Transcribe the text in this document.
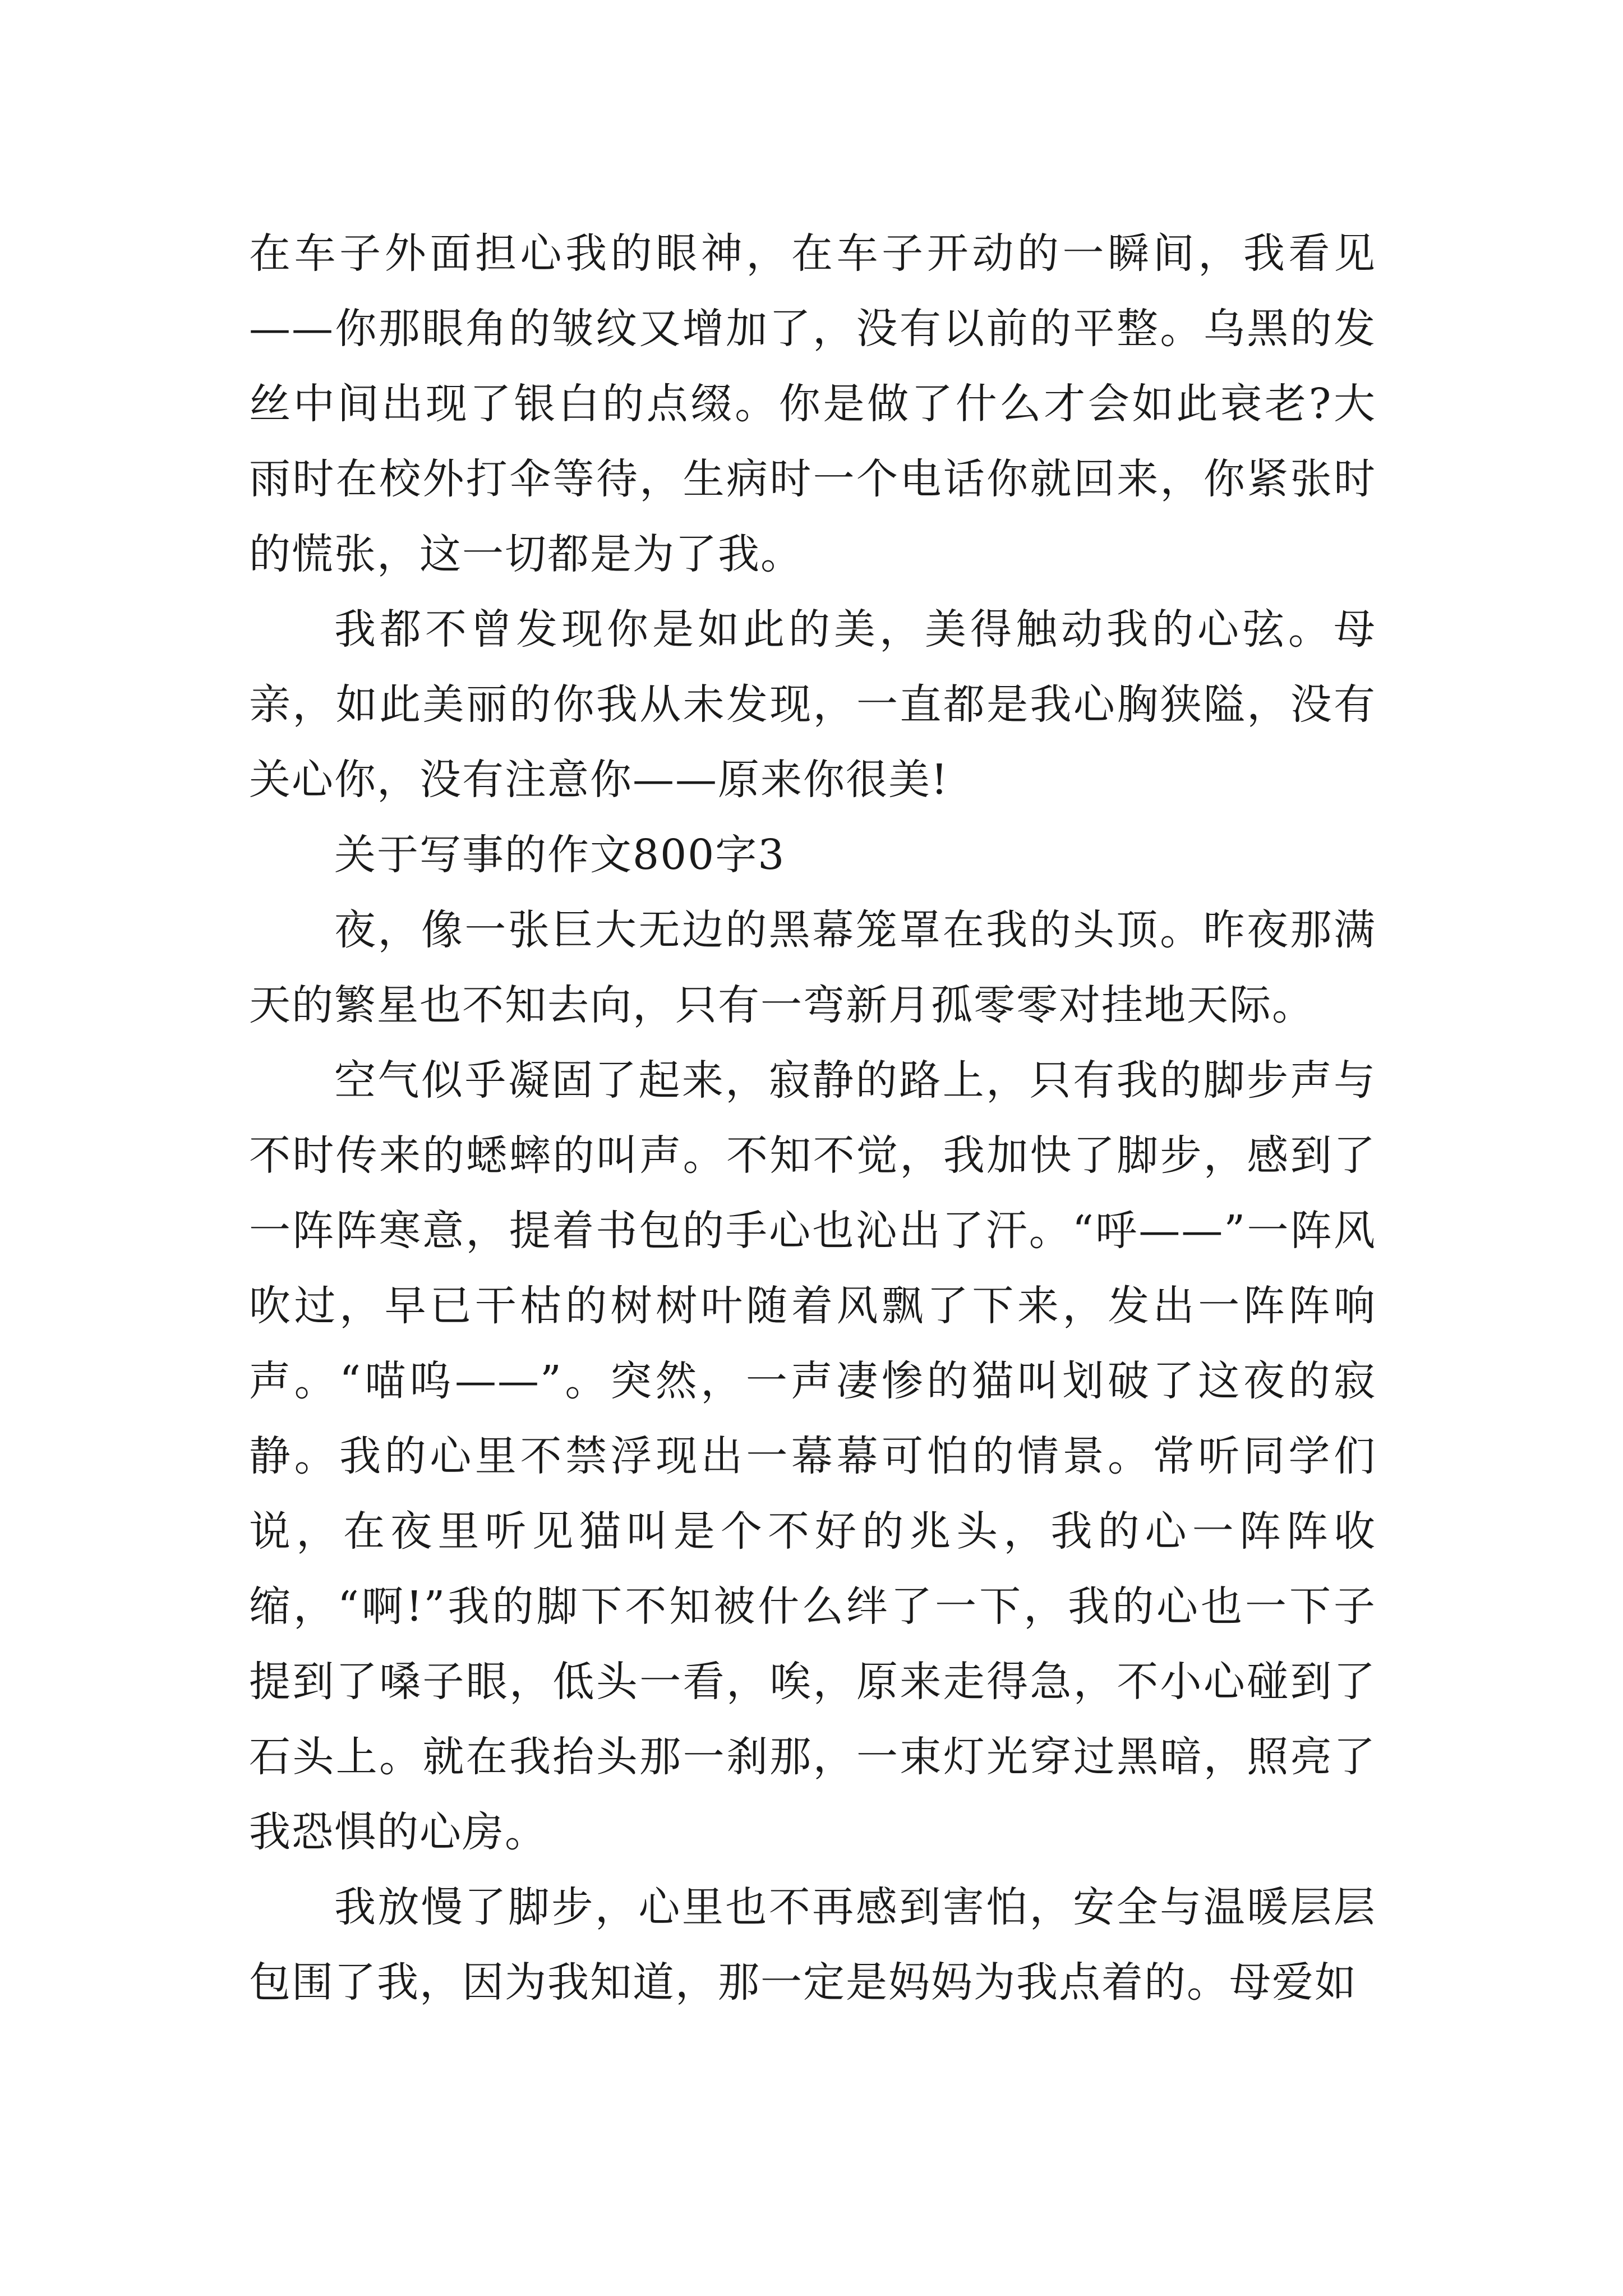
在车子外面担心我的眼神，在车子开动的一瞬间，我看见——你那眼角的皱纹又增加了，没有以前的平整。乌黑的发丝中间出现了银白的点缀。你是做了什么才会如此衰老?大雨时在校外打伞等待，生病时一个电话你就回来，你紧张时的慌张，这一切都是为了我。

我都不曾发现你是如此的美，美得触动我的心弦。母亲，如此美丽的你我从未发现，一直都是我心胸狭隘，没有关心你，没有注意你——原来你很美!

关于写事的作文800字3

夜，像一张巨大无边的黑幕笼罩在我的头顶。昨夜那满天的繁星也不知去向，只有一弯新月孤零零对挂地天际。

空气似乎凝固了起来，寂静的路上，只有我的脚步声与不时传来的蟋蟀的叫声。不知不觉，我加快了脚步，感到了一阵阵寒意，提着书包的手心也沁出了汗。“呼——”一阵风吹过，早已干枯的树树叶随着风飘了下来，发出一阵阵响声。“喵呜——”。突然，一声凄惨的猫叫划破了这夜的寂静。我的心里不禁浮现出一幕幕可怕的情景。常听同学们说，在夜里听见猫叫是个不好的兆头，我的心一阵阵收缩，“啊!”我的脚下不知被什么绊了一下，我的心也一下子提到了嗓子眼，低头一看，唉，原来走得急，不小心碰到了石头上。就在我抬头那一刹那，一束灯光穿过黑暗，照亮了我恐惧的心房。

我放慢了脚步，心里也不再感到害怕，安全与温暖层层包围了我，因为我知道，那一定是妈妈为我点着的。母爱如
